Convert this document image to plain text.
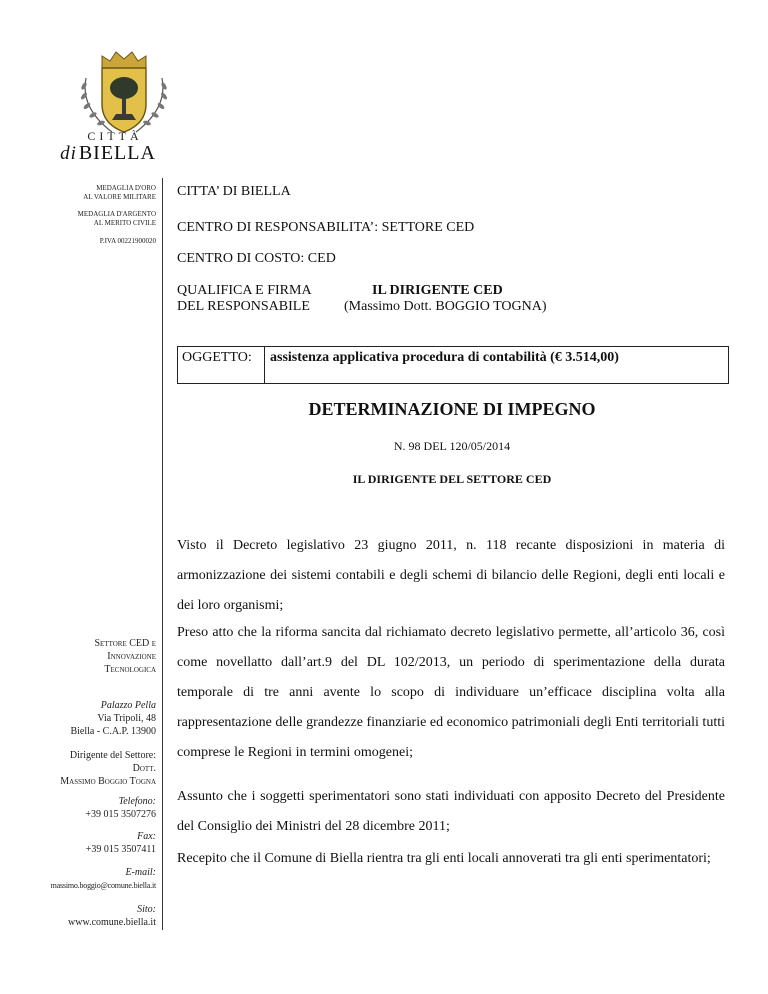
CITTÀ
di BIELLA
MEDAGLIA D'ORO
AL VALORE MILITARE
MEDAGLIA D'ARGENTO
AL MERITO CIVILE
P.IVA 00221900020
CITTA’ DI BIELLA
CENTRO DI RESPONSABILITA’: SETTORE CED
CENTRO DI COSTO: CED
QUALIFICA E FIRMA
DEL RESPONSABILE
IL DIRIGENTE CED
(Massimo Dott. BOGGIO TOGNA)
OGGETTO: assistenza applicativa procedura di contabilità (€ 3.514,00)
DETERMINAZIONE DI IMPEGNO
N. 98 DEL 120/05/2014
IL DIRIGENTE DEL SETTORE CED
Visto il Decreto legislativo 23 giugno 2011, n. 118 recante disposizioni in materia di armonizzazione dei sistemi contabili e degli schemi di bilancio delle Regioni, degli enti locali e dei loro organismi;
Preso atto che la riforma sancita dal richiamato decreto legislativo permette, all’articolo 36, così come novellatto dall’art.9 del DL 102/2013, un periodo di sperimentazione della durata temporale di tre anni avente lo scopo di individuare un’efficace disciplina volta alla rappresentazione delle grandezze finanziarie ed economico patrimoniali degli Enti territoriali tutti comprese le Regioni in termini omogenei;
Assunto che i soggetti sperimentatori sono stati individuati con apposito Decreto del Presidente del Consiglio dei Ministri del 28 dicembre 2011;
Recepito che il Comune di Biella rientra tra gli enti locali annoverati tra gli enti sperimentatori;
Settore CED e
Innovazione
Tecnologica
Palazzo Pella
Via Tripoli, 48
Biella - C.A.P. 13900
Dirigente del Settore:
Dott.
Massimo Boggio Togna
Telefono:
+39 015 3507276
Fax:
+39 015 3507411
E-mail:
massimo.boggio@comune.biella.it
Sito:
www.comune.biella.it
